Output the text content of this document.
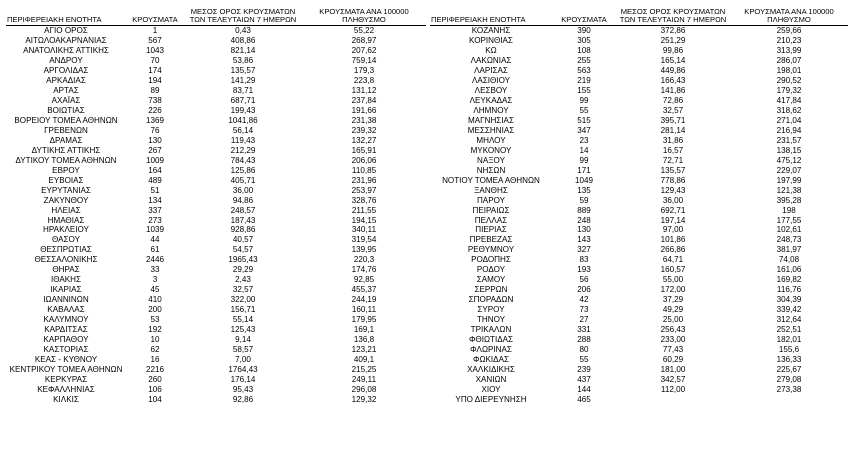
ΠΕΡΙΦΕΡΕΙΑΚΗ ΕΝΟΤΗΤΑ	ΚΡΟΥΣΜΑΤΑ	ΜΕΣΟΣ ΟΡΟΣ ΚΡΟΥΣΜΑΤΩΝ ΤΩΝ ΤΕΛΕΥΤΑΙΩΝ 7 ΗΜΕΡΩΝ	ΚΡΟΥΣΜΑΤΑ ΑΝΑ 100000 ΠΛΗΘΥΣΜΟ
ΑΓΙΟ ΟΡΟΣ	1	0,43	55,22
ΑΙΤΩΛΟΑΚΑΡΝΑΝΙΑΣ	567	408,86	268,97
ΑΝΑΤΟΛΙΚΗΣ ΑΤΤΙΚΗΣ	1043	821,14	207,62
ΑΝΔΡΟΥ	70	53,86	759,14
ΑΡΓΟΛΙΔΑΣ	174	135,57	179,3
ΑΡΚΑΔΙΑΣ	194	141,29	223,8
ΑΡΤΑΣ	89	83,71	131,12
ΑΧΑΪΑΣ	738	687,71	237,84
ΒΟΙΩΤΙΑΣ	226	199,43	191,66
ΒΟΡΕΙΟΥ ΤΟΜΕΑ ΑΘΗΝΩΝ	1369	1041,86	231,38
ΓΡΕΒΕΝΩΝ	76	56,14	239,32
ΔΡΑΜΑΣ	130	119,43	132,27
ΔΥΤΙΚΗΣ ΑΤΤΙΚΗΣ	267	212,29	165,91
ΔΥΤΙΚΟΥ ΤΟΜΕΑ ΑΘΗΝΩΝ	1009	784,43	206,06
ΕΒΡΟΥ	164	125,86	110,85
ΕΥΒΟΙΑΣ	489	405,71	231,96
ΕΥΡΥΤΑΝΙΑΣ	51	36,00	253,97
ΖΑΚΥΝΘΟΥ	134	94,86	328,76
ΗΛΕΙΑΣ	337	248,57	211,55
ΗΜΑΘΙΑΣ	273	187,43	194,15
ΗΡΑΚΛΕΙΟΥ	1039	928,86	340,11
ΘΑΣΟΥ	44	40,57	319,54
ΘΕΣΠΡΩΤΙΑΣ	61	54,57	139,95
ΘΕΣΣΑΛΟΝΙΚΗΣ	2446	1965,43	220,3
ΘΗΡΑΣ	33	29,29	174,76
ΙΘΑΚΗΣ	3	2,43	92,85
ΙΚΑΡΙΑΣ	45	32,57	455,37
ΙΩΑΝΝΙΝΩΝ	410	322,00	244,19
ΚΑΒΑΛΑΣ	200	156,71	160,11
ΚΑΛΥΜΝΟΥ	53	55,14	179,95
ΚΑΡΔΙΤΣΑΣ	192	125,43	169,1
ΚΑΡΠΑΘΟΥ	10	9,14	136,8
ΚΑΣΤΟΡΙΑΣ	62	58,57	123,21
ΚΕΑΣ - ΚΥΘΝΟΥ	16	7,00	409,1
ΚΕΝΤΡΙΚΟΥ ΤΟΜΕΑ ΑΘΗΝΩΝ	2216	1764,43	215,25
ΚΕΡΚΥΡΑΣ	260	176,14	249,11
ΚΕΦΑΛΛΗΝΙΑΣ	106	95,43	296,08
ΚΙΛΚΙΣ	104	92,86	129,32
ΠΕΡΙΦΕΡΕΙΑΚΗ ΕΝΟΤΗΤΑ	ΚΡΟΥΣΜΑΤΑ	ΜΕΣΟΣ ΟΡΟΣ ΚΡΟΥΣΜΑΤΩΝ ΤΩΝ ΤΕΛΕΥΤΑΙΩΝ 7 ΗΜΕΡΩΝ	ΚΡΟΥΣΜΑΤΑ ΑΝΑ 100000 ΠΛΗΘΥΣΜΟ
ΚΟΖΑΝΗΣ	390	372,86	259,66
ΚΟΡΙΝΘΙΑΣ	305	251,29	210,23
ΚΩ	108	99,86	313,99
ΛΑΚΩΝΙΑΣ	255	165,14	286,07
ΛΑΡΙΣΑΣ	563	449,86	198,01
ΛΑΣΙΘΙΟΥ	219	166,43	290,52
ΛΕΣΒΟΥ	155	141,86	179,32
ΛΕΥΚΑΔΑΣ	99	72,86	417,84
ΛΗΜΝΟΥ	55	32,57	318,62
ΜΑΓΝΗΣΙΑΣ	515	395,71	271,04
ΜΕΣΣΗΝΙΑΣ	347	281,14	216,94
ΜΗΛΟΥ	23	31,86	231,57
ΜΥΚΟΝΟΥ	14	16,57	138,15
ΝΑΞΟΥ	99	72,71	475,12
ΝΗΣΩΝ	171	135,57	229,07
ΝΟΤΙΟΥ ΤΟΜΕΑ ΑΘΗΝΩΝ	1049	778,86	197,99
ΞΑΝΘΗΣ	135	129,43	121,38
ΠΑΡΟΥ	59	36,00	395,28
ΠΕΙΡΑΙΩΣ	889	692,71	198
ΠΕΛΛΑΣ	248	197,14	177,55
ΠΙΕΡΙΑΣ	130	97,00	102,61
ΠΡΕΒΕΖΑΣ	143	101,86	248,73
ΡΕΘΥΜΝΟΥ	327	266,86	381,97
ΡΟΔΟΠΗΣ	83	64,71	74,08
ΡΟΔΟΥ	193	160,57	161,06
ΣΑΜΟΥ	56	55,00	169,82
ΣΕΡΡΩΝ	206	172,00	116,76
ΣΠΟΡΑΔΩΝ	42	37,29	304,39
ΣΥΡΟΥ	73	49,29	339,42
ΤΗΝΟΥ	27	25,00	312,64
ΤΡΙΚΑΛΩΝ	331	256,43	252,51
ΦΘΙΩΤΙΔΑΣ	288	233,00	182,01
ΦΛΩΡΙΝΑΣ	80	77,43	155,6
ΦΩΚΙΔΑΣ	55	60,29	136,33
ΧΑΛΚΙΔΙΚΗΣ	239	181,00	225,67
ΧΑΝΙΩΝ	437	342,57	279,08
ΧΙΟΥ	144	112,00	273,38
ΥΠΟ ΔΙΕΡΕΥΝΗΣΗ	465		
